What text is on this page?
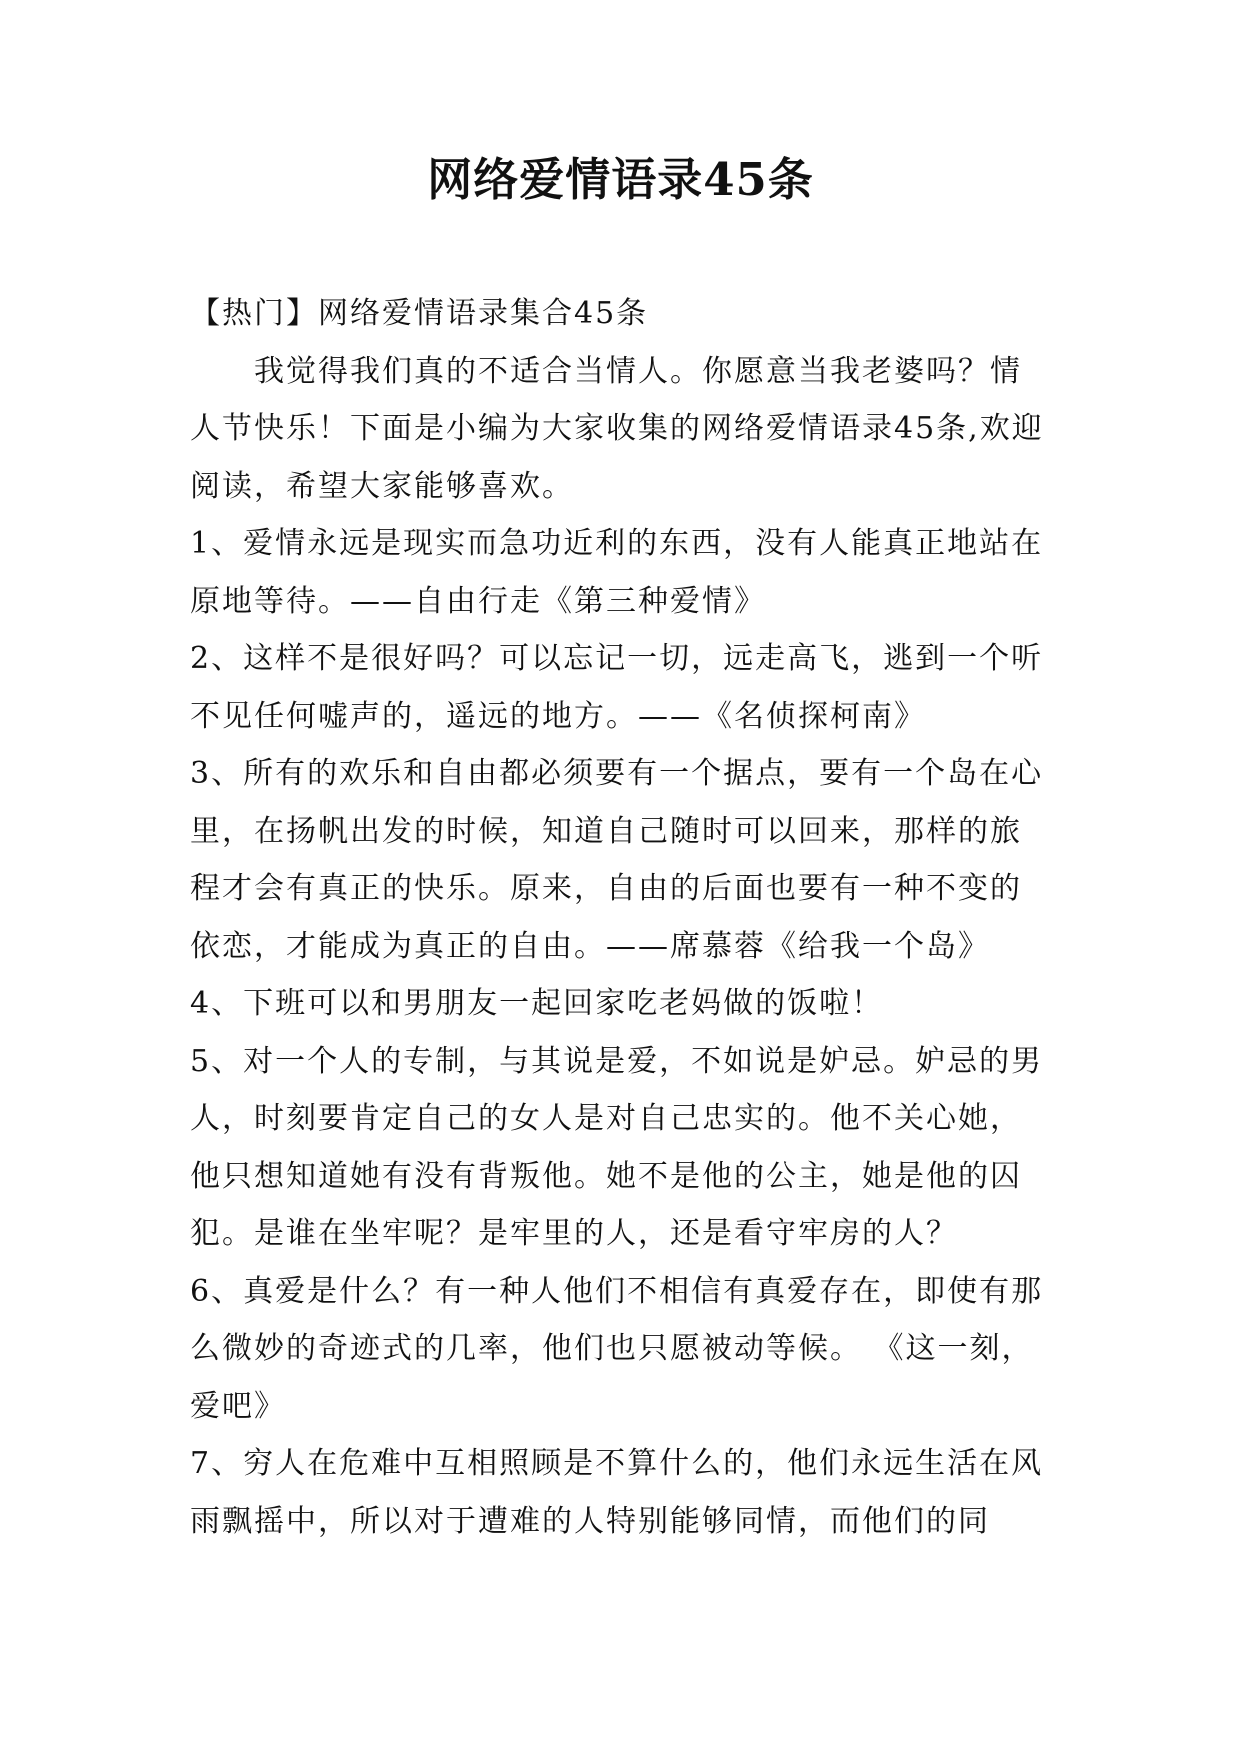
网络爱情语录45条

【热门】网络爱情语录集合45条

我觉得我们真的不适合当情人。你愿意当我老婆吗？情人节快乐！下面是小编为大家收集的网络爱情语录45条,欢迎阅读，希望大家能够喜欢。

1、爱情永远是现实而急功近利的东西，没有人能真正地站在原地等待。——自由行走《第三种爱情》

2、这样不是很好吗？可以忘记一切，远走高飞，逃到一个听不见任何嘘声的，遥远的地方。——《名侦探柯南》

3、所有的欢乐和自由都必须要有一个据点，要有一个岛在心里，在扬帆出发的时候，知道自己随时可以回来，那样的旅程才会有真正的快乐。原来，自由的后面也要有一种不变的依恋，才能成为真正的自由。——席慕蓉《给我一个岛》

4、下班可以和男朋友一起回家吃老妈做的饭啦！

5、对一个人的专制，与其说是爱，不如说是妒忌。妒忌的男人，时刻要肯定自己的女人是对自己忠实的。他不关心她，他只想知道她有没有背叛他。她不是他的公主，她是他的囚犯。是谁在坐牢呢？是牢里的人，还是看守牢房的人？

6、真爱是什么？有一种人他们不相信有真爱存在，即使有那么微妙的奇迹式的几率，他们也只愿被动等候。 《这一刻，爱吧》

7、穷人在危难中互相照顾是不算什么的，他们永远生活在风雨飘摇中，所以对于遭难的人特别能够同情，而他们的同
